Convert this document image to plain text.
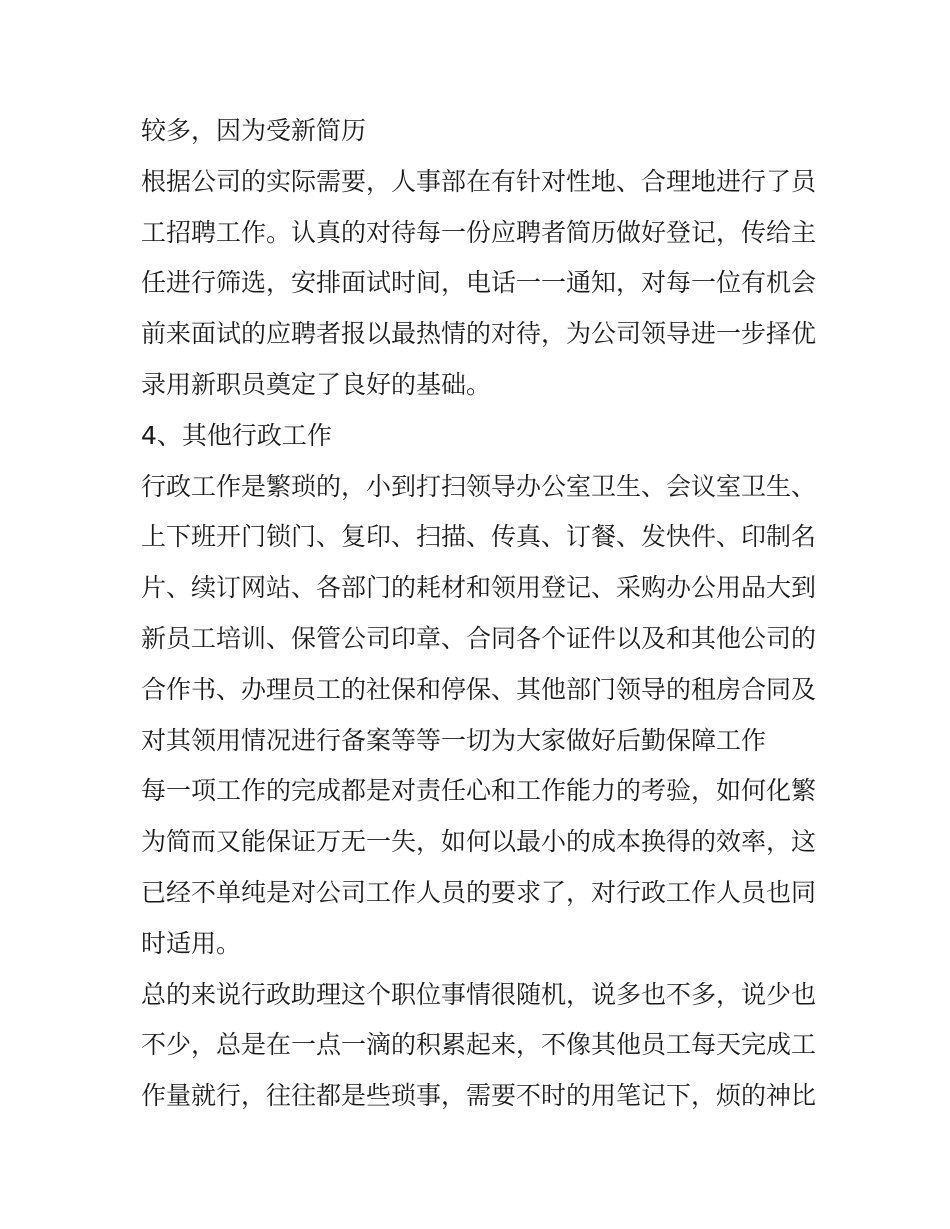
较多，因为受新简历

根据公司的实际需要，人事部在有针对性地、合理地进行了员工招聘工作。认真的对待每一份应聘者简历做好登记，传给主任进行筛选，安排面试时间，电话一一通知，对每一位有机会前来面试的应聘者报以最热情的对待，为公司领导进一步择优录用新职员奠定了良好的基础。

4、其他行政工作

行政工作是繁琐的，小到打扫领导办公室卫生、会议室卫生、上下班开门锁门、复印、扫描、传真、订餐、发快件、印制名片、续订网站、各部门的耗材和领用登记、采购办公用品大到新员工培训、保管公司印章、合同各个证件以及和其他公司的合作书、办理员工的社保和停保、其他部门领导的租房合同及对其领用情况进行备案等等一切为大家做好后勤保障工作

每一项工作的完成都是对责任心和工作能力的考验，如何化繁为简而又能保证万无一失，如何以最小的成本换得的效率，这已经不单纯是对公司工作人员的要求了，对行政工作人员也同时适用。

总的来说行政助理这个职位事情很随机，说多也不多，说少也不少，总是在一点一滴的积累起来，不像其他员工每天完成工作量就行，往往都是些琐事，需要不时的用笔记下，烦的神比
